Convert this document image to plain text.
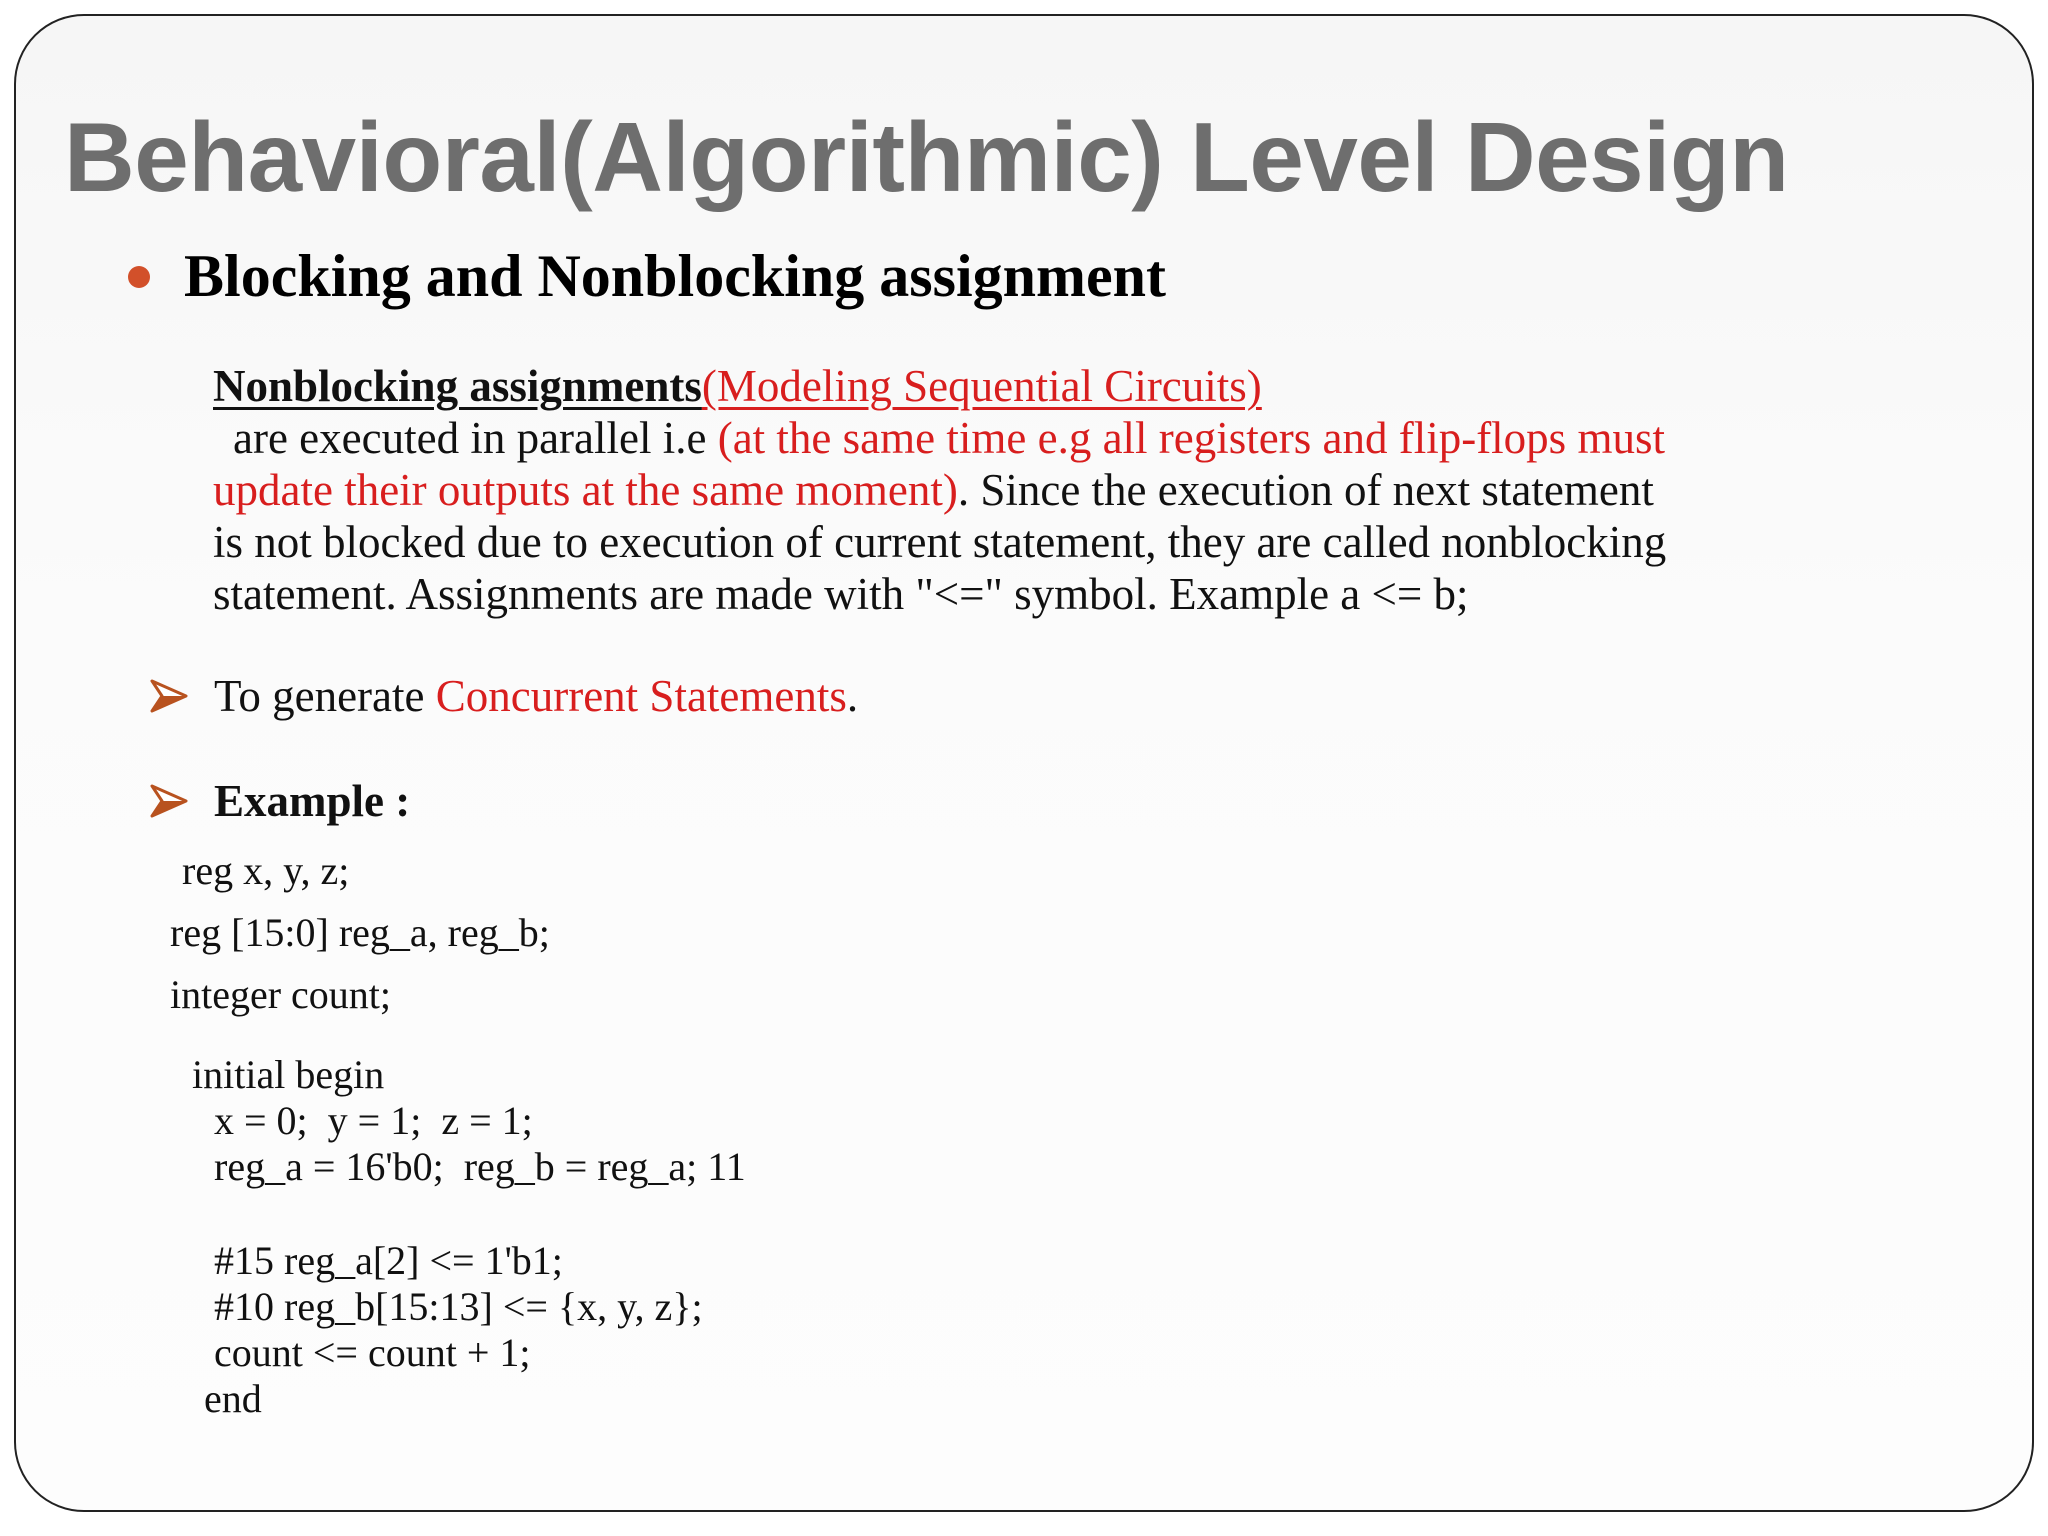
Behavioral(Algorithmic) Level Design
Blocking and Nonblocking assignment
Nonblocking assignments(Modeling Sequential Circuits)
are executed in parallel i.e (at the same time e.g all registers and flip-flops must
update their outputs at the same moment). Since the execution of next statement
is not blocked due to execution of current statement, they are called nonblocking
statement. Assignments are made with "<=" symbol. Example a <= b;
To generate Concurrent Statements .
Example :
reg x, y, z;
reg [15:0] reg_a, reg_b;
integer count;
initial begin
x = 0;  y = 1;  z = 1;
reg_a = 16'b0;  reg_b = reg_a; 11
#15 reg_a[2] <= 1'b1;
#10 reg_b[15:13] <= {x, y, z};
count <= count + 1;
end
